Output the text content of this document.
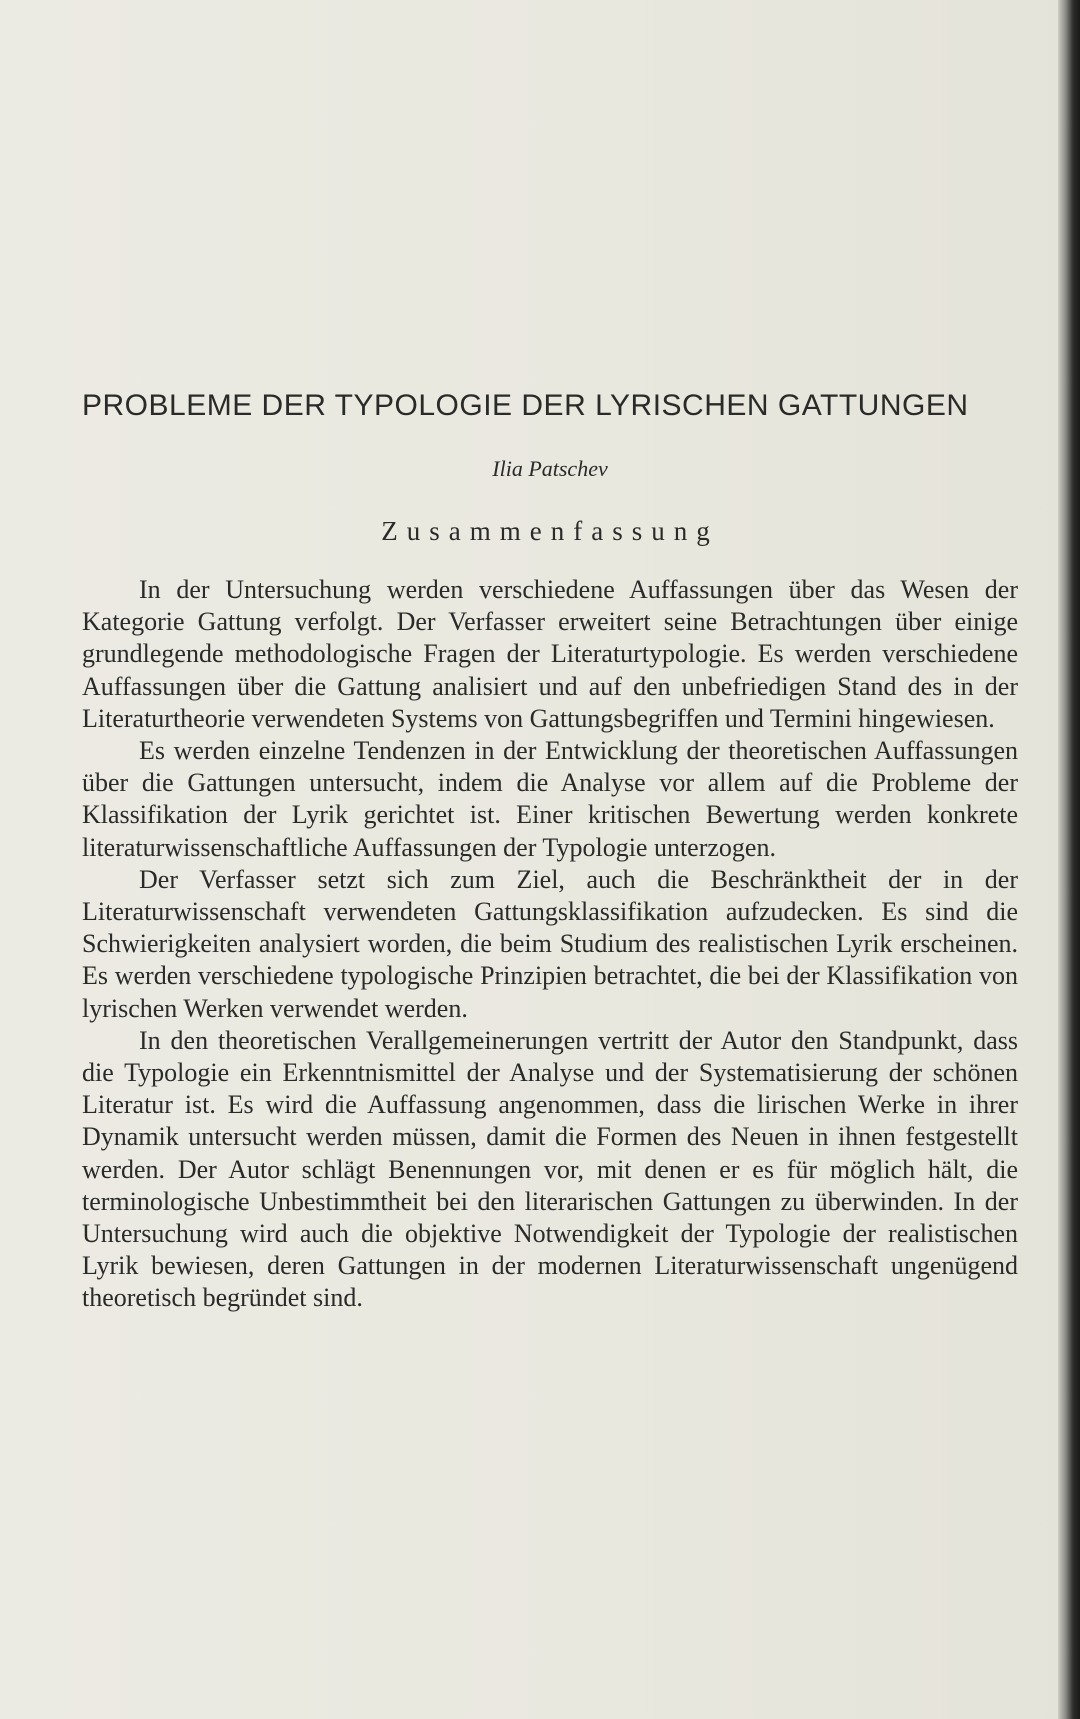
PROBLEME DER TYPOLOGIE DER LYRISCHEN GATTUNGEN
Ilia Patschev
Zusammenfassung

In der Untersuchung werden verschiedene Auffassungen über das Wesen der Kategorie Gattung verfolgt. Der Verfasser erweitert seine Betrachtungen über einige grundlegende methodologische Fragen der Literaturtypologie. Es werden verschiedene Auffassungen über die Gattung analisiert und auf den unbefriedigen Stand des in der Literaturtheorie verwendeten Systems von Gattungsbegriffen und Termini hingewiesen.

Es werden einzelne Tendenzen in der Entwicklung der theoretischen Auffassungen über die Gattungen untersucht, indem die Analyse vor allem auf die Probleme der Klassifikation der Lyrik gerichtet ist. Einer kritischen Bewertung werden konkrete literaturwissenschaftliche Auffassungen der Typologie unterzogen.

Der Verfasser setzt sich zum Ziel, auch die Beschränktheit der in der Literaturwissenschaft verwendeten Gattungsklassifikation aufzudecken. Es sind die Schwierigkeiten analysiert worden, die beim Studium des realistischen Lyrik erscheinen. Es werden verschiedene typologische Prinzipien betrachtet, die bei der Klassifikation von lyrischen Werken verwendet werden.

In den theoretischen Verallgemeinerungen vertritt der Autor den Standpunkt, dass die Typologie ein Erkenntnismittel der Analyse und der Systematisierung der schönen Literatur ist. Es wird die Auffassung angenommen, dass die lirischen Werke in ihrer Dynamik untersucht werden müssen, damit die Formen des Neuen in ihnen festgestellt werden. Der Autor schlägt Benennungen vor, mit denen er es für möglich hält, die terminologische Unbestimmtheit bei den literarischen Gattungen zu überwinden. In der Untersuchung wird auch die objektive Notwendigkeit der Typologie der realistischen Lyrik bewiesen, deren Gattungen in der modernen Literaturwissenschaft ungenügend theoretisch begründet sind.
